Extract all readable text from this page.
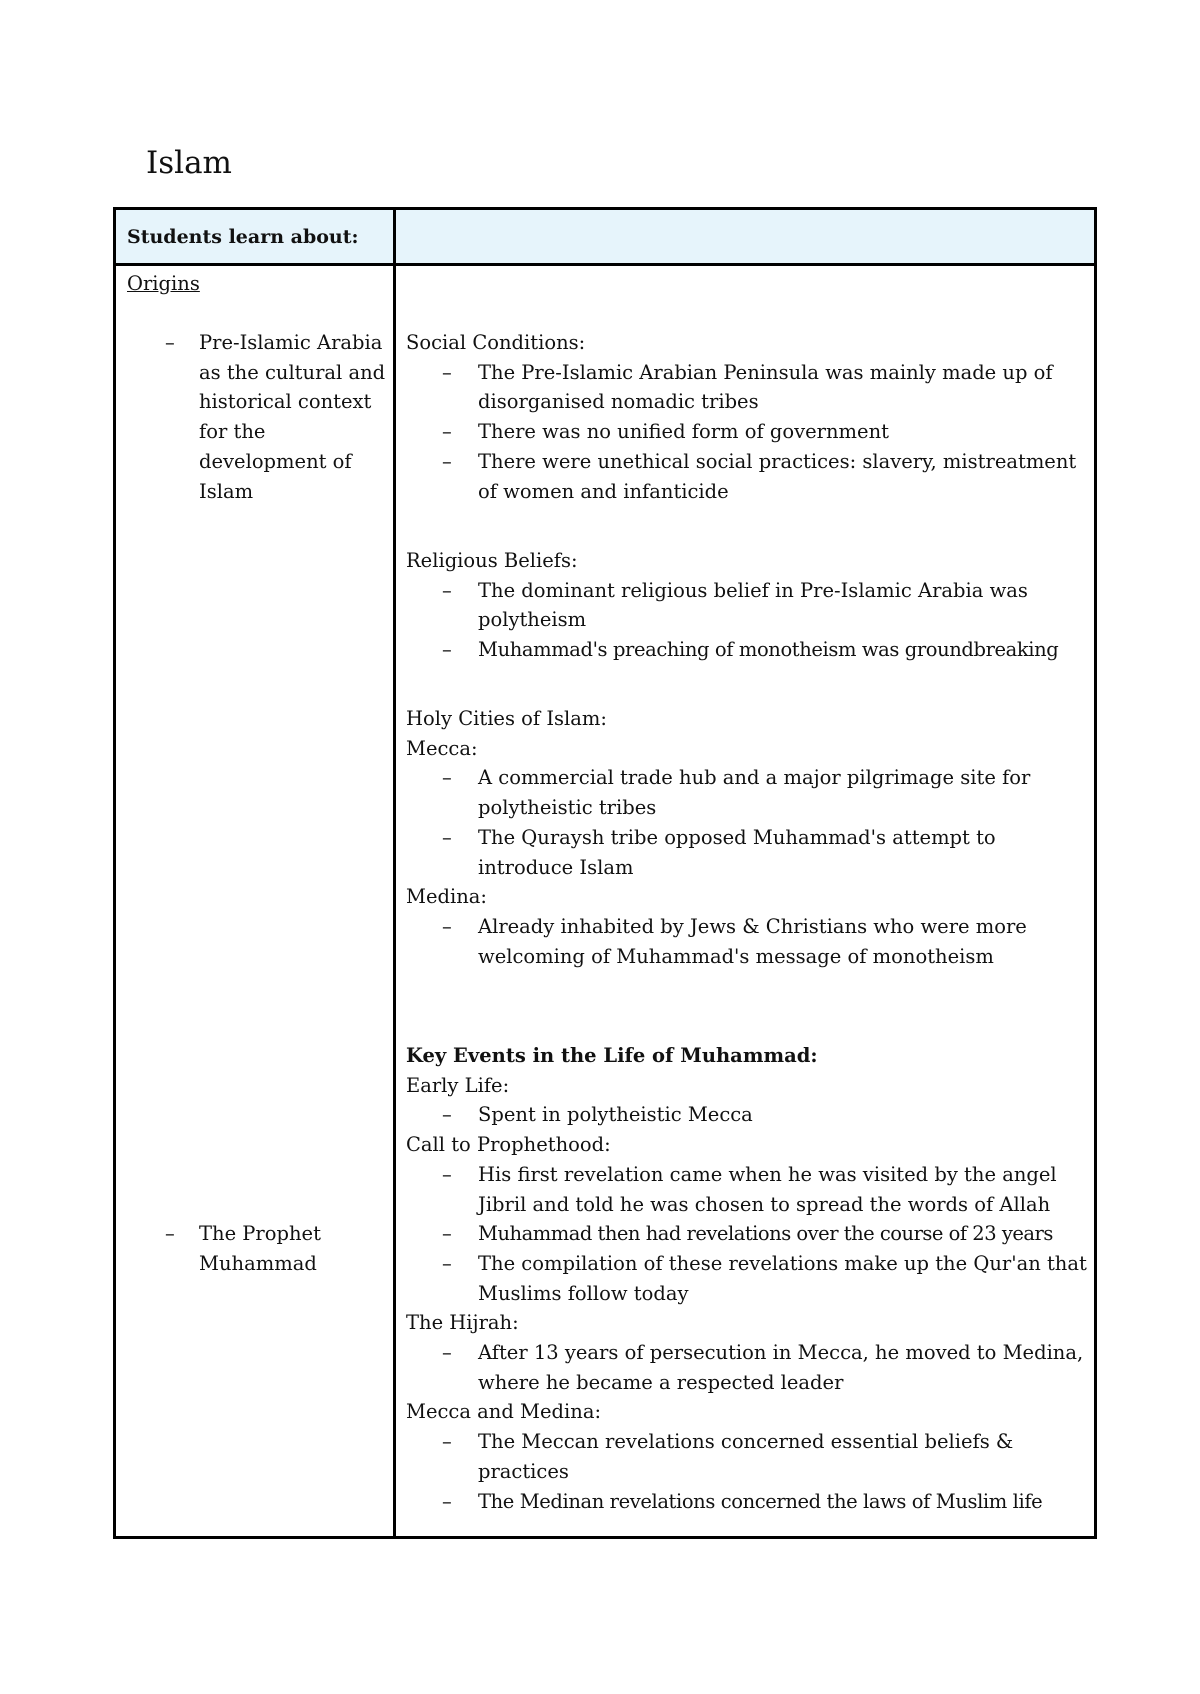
Islam
Students learn about:
Origins
– Pre-Islamic Arabia as the cultural and historical context for the development of Islam
– The Prophet Muhammad
Social Conditions:
– The Pre-Islamic Arabian Peninsula was mainly made up of disorganised nomadic tribes
– There was no unified form of government
– There were unethical social practices: slavery, mistreatment of women and infanticide
Religious Beliefs:
– The dominant religious belief in Pre-Islamic Arabia was polytheism
– Muhammad's preaching of monotheism was groundbreaking
Holy Cities of Islam:
Mecca:
– A commercial trade hub and a major pilgrimage site for polytheistic tribes
– The Quraysh tribe opposed Muhammad's attempt to introduce Islam
Medina:
– Already inhabited by Jews & Christians who were more welcoming of Muhammad's message of monotheism
Key Events in the Life of Muhammad:
Early Life:
– Spent in polytheistic Mecca
Call to Prophethood:
– His first revelation came when he was visited by the angel Jibril and told he was chosen to spread the words of Allah
– Muhammad then had revelations over the course of 23 years
– The compilation of these revelations make up the Qur'an that Muslims follow today
The Hijrah:
– After 13 years of persecution in Mecca, he moved to Medina, where he became a respected leader
Mecca and Medina:
– The Meccan revelations concerned essential beliefs & practices
– The Medinan revelations concerned the laws of Muslim life
